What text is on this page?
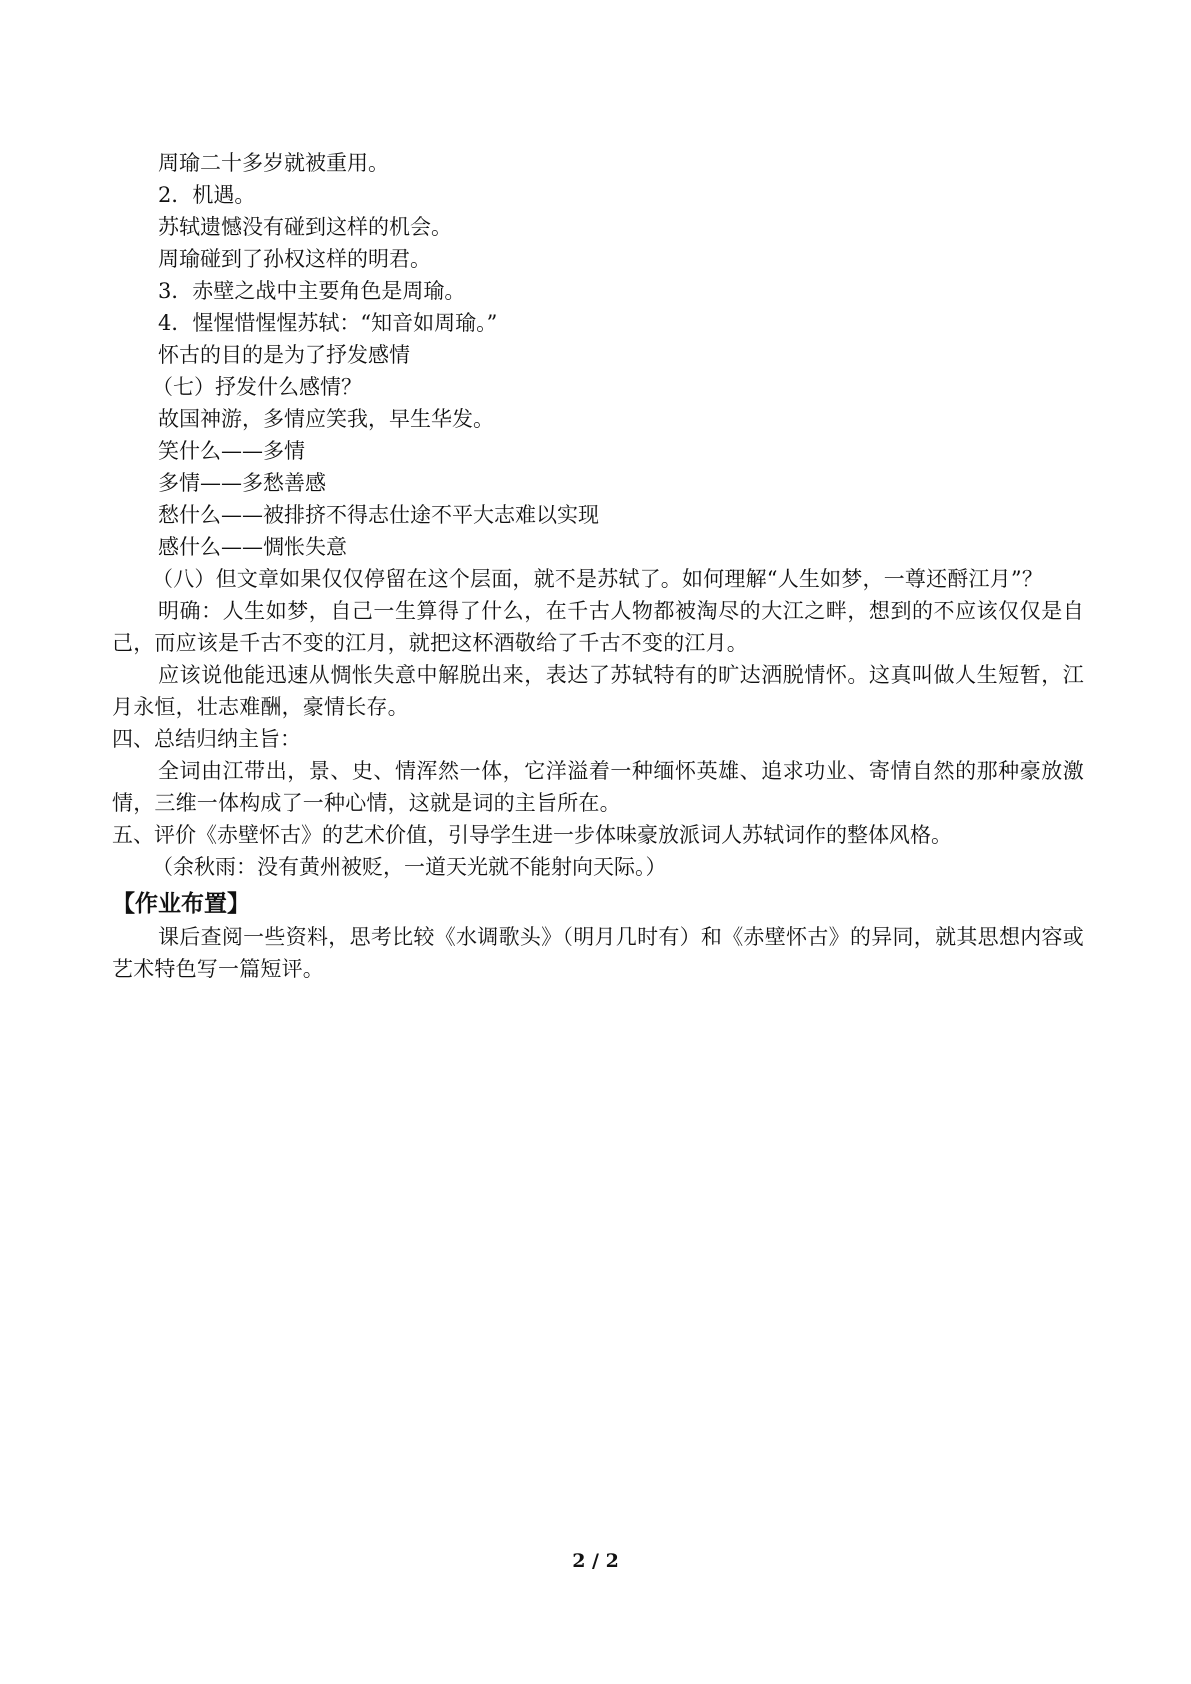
周瑜二十多岁就被重用。

2．机遇。

苏轼遗憾没有碰到这样的机会。

周瑜碰到了孙权这样的明君。

3．赤壁之战中主要角色是周瑜。

4．惺惺惜惺惺苏轼：“知音如周瑜。”

怀古的目的是为了抒发感情

（七）抒发什么感情？

故国神游，多情应笑我，早生华发。

笑什么——多情

多情——多愁善感

愁什么——被排挤不得志仕途不平大志难以实现

感什么——惆怅失意

（八）但文章如果仅仅停留在这个层面，就不是苏轼了。如何理解“人生如梦，一尊还酹江月”？

明确：人生如梦，自己一生算得了什么，在千古人物都被淘尽的大江之畔，想到的不应该仅仅是自己，而应该是千古不变的江月，就把这杯酒敬给了千古不变的江月。

应该说他能迅速从惆怅失意中解脱出来，表达了苏轼特有的旷达洒脱情怀。这真叫做人生短暂，江月永恒，壮志难酬，豪情长存。

四、总结归纳主旨：

全词由江带出，景、史、情浑然一体，它洋溢着一种缅怀英雄、追求功业、寄情自然的那种豪放激情，三维一体构成了一种心情，这就是词的主旨所在。

五、评价《赤壁怀古》的艺术价值，引导学生进一步体味豪放派词人苏轼词作的整体风格。

（余秋雨：没有黄州被贬，一道天光就不能射向天际。）

【作业布置】

课后查阅一些资料，思考比较《水调歌头》（明月几时有）和《赤壁怀古》的异同，就其思想内容或艺术特色写一篇短评。

2 / 2
